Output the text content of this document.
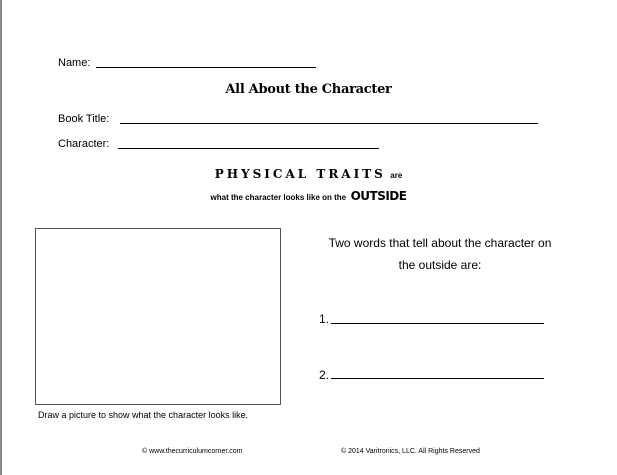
Name:
All About the Character
Book Title:
Character:
PHYSICAL TRAITS are
what the character looks like on the OUTSIDE
Draw a picture to show what the character looks like.
Two words that tell about the character on
the outside are:
1.
2.
© www.thecurriculumcorner.com	© 2014 Varitronics, LLC. All Rights Reserved
